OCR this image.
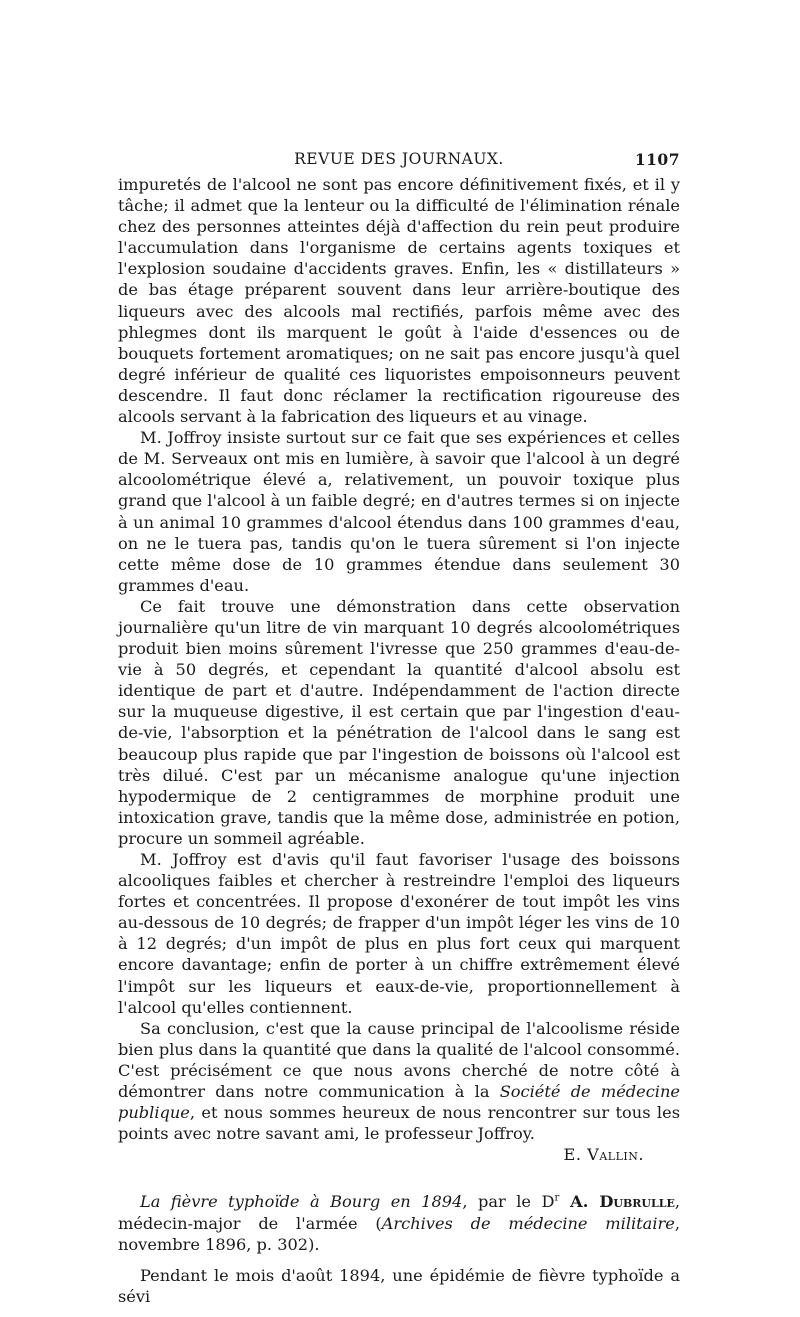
REVUE DES JOURNAUX.	1107

impuretés de l'alcool ne sont pas encore définitivement fixés, et il y tâche; il admet que la lenteur ou la difficulté de l'élimination rénale chez des personnes atteintes déjà d'affection du rein peut produire l'accumulation dans l'organisme de certains agents toxiques et l'explosion soudaine d'accidents graves. Enfin, les « distillateurs » de bas étage préparent souvent dans leur arrière-boutique des liqueurs avec des alcools mal rectifiés, parfois même avec des phlegmes dont ils marquent le goût à l'aide d'essences ou de bouquets fortement aromatiques; on ne sait pas encore jusqu'à quel degré inférieur de qualité ces liquoristes empoisonneurs peuvent descendre. Il faut donc réclamer la rectification rigoureuse des alcools servant à la fabrication des liqueurs et au vinage.

M. Joffroy insiste surtout sur ce fait que ses expériences et celles de M. Serveaux ont mis en lumière, à savoir que l'alcool à un degré alcoolométrique élevé a, relativement, un pouvoir toxique plus grand que l'alcool à un faible degré; en d'autres termes si on injecte à un animal 10 grammes d'alcool étendus dans 100 grammes d'eau, on ne le tuera pas, tandis qu'on le tuera sûrement si l'on injecte cette même dose de 10 grammes étendue dans seulement 30 grammes d'eau.

Ce fait trouve une démonstration dans cette observation journalière qu'un litre de vin marquant 10 degrés alcoolométriques produit bien moins sûrement l'ivresse que 250 grammes d'eau-de-vie à 50 degrés, et cependant la quantité d'alcool absolu est identique de part et d'autre. Indépendamment de l'action directe sur la muqueuse digestive, il est certain que par l'ingestion d'eau-de-vie, l'absorption et la pénétration de l'alcool dans le sang est beaucoup plus rapide que par l'ingestion de boissons où l'alcool est très dilué. C'est par un mécanisme analogue qu'une injection hypodermique de 2 centigrammes de morphine produit une intoxication grave, tandis que la même dose, administrée en potion, procure un sommeil agréable.

M. Joffroy est d'avis qu'il faut favoriser l'usage des boissons alcooliques faibles et chercher à restreindre l'emploi des liqueurs fortes et concentrées. Il propose d'exonérer de tout impôt les vins au-dessous de 10 degrés; de frapper d'un impôt léger les vins de 10 à 12 degrés; d'un impôt de plus en plus fort ceux qui marquent encore davantage; enfin de porter à un chiffre extrêmement élevé l'impôt sur les liqueurs et eaux-de-vie, proportionnellement à l'alcool qu'elles contiennent.

Sa conclusion, c'est que la cause principal de l'alcoolisme réside bien plus dans la quantité que dans la qualité de l'alcool consommé. C'est précisément ce que nous avons cherché de notre côté à démontrer dans notre communication à la Société de médecine publique, et nous sommes heureux de nous rencontrer sur tous les points avec notre savant ami, le professeur Joffroy.

E. Vallin.

La fièvre typhoïde à Bourg en 1894, par le $D^r$ A. Dubrulle, médecin-major de l'armée (Archives de médecine militaire, novembre 1896, p. 302).

Pendant le mois d'août 1894, une épidémie de fièvre typhoïde a sévi
